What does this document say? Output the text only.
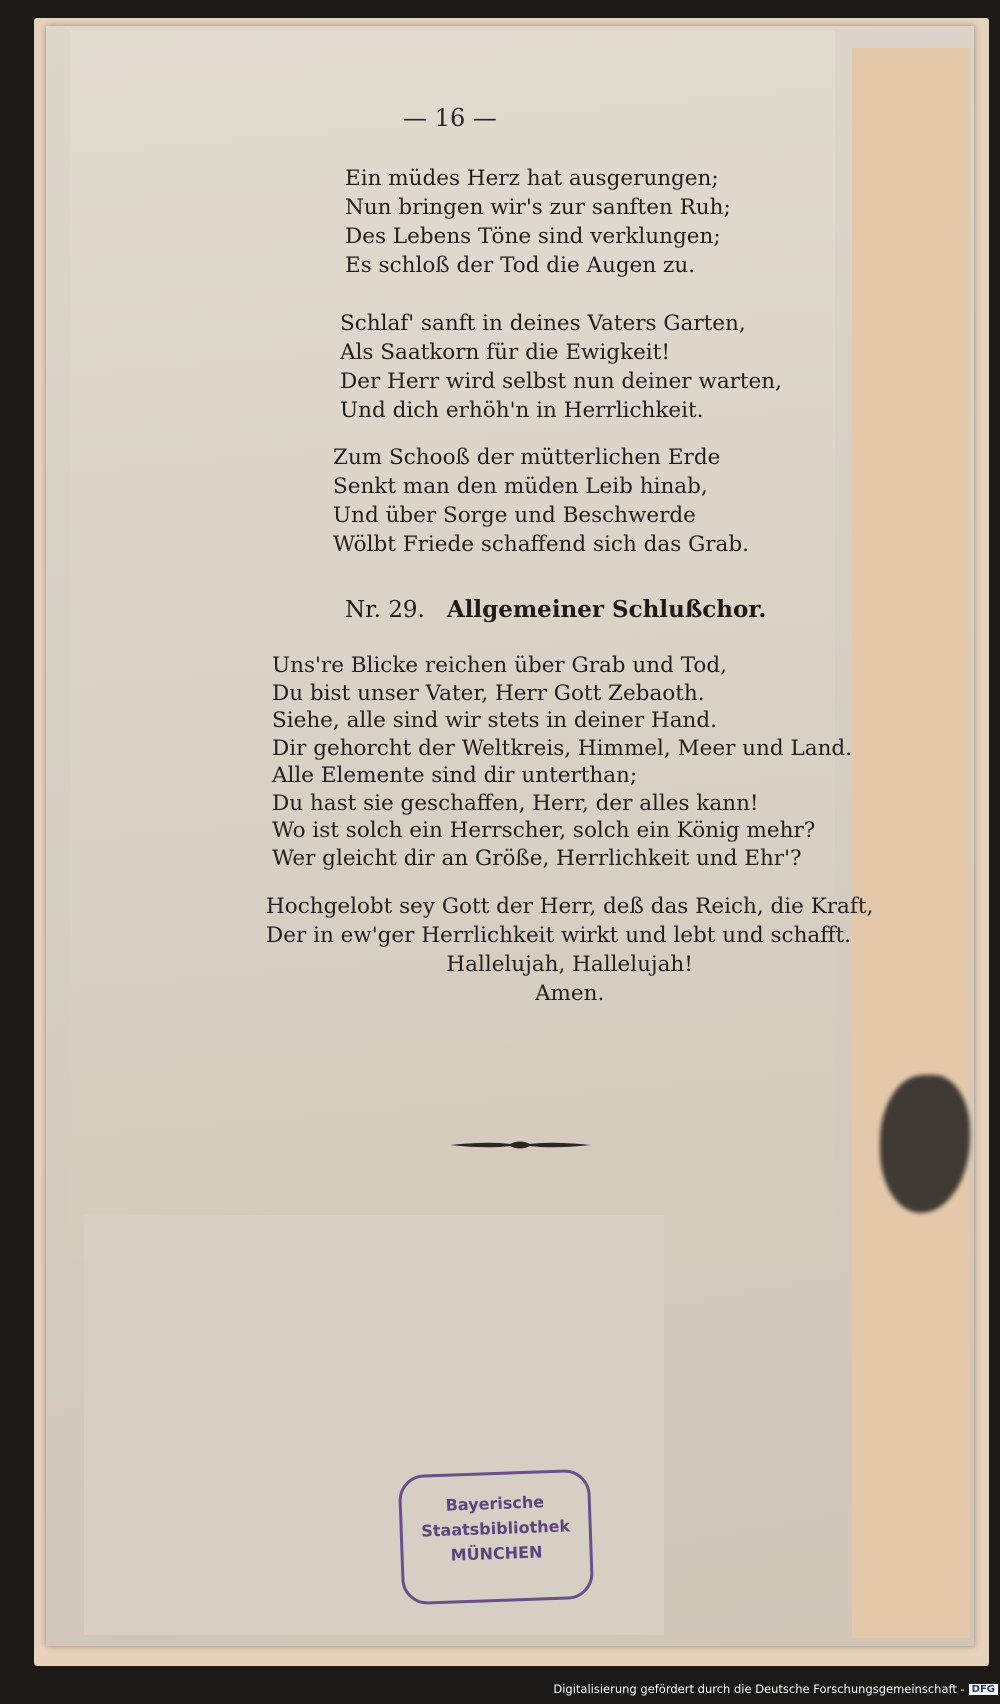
— 16 —
Ein müdes Herz hat ausgerungen;
Nun bringen wir's zur sanften Ruh;
Des Lebens Töne sind verklungen;
Es schloß der Tod die Augen zu.
Schlaf' sanft in deines Vaters Garten,
Als Saatkorn für die Ewigkeit!
Der Herr wird selbst nun deiner warten,
Und dich erhöh'n in Herrlichkeit.
Zum Schooß der mütterlichen Erde
Senkt man den müden Leib hinab,
Und über Sorge und Beschwerde
Wölbt Friede schaffend sich das Grab.
Nr. 29. Allgemeiner Schlußchor.
Uns're Blicke reichen über Grab und Tod,
Du bist unser Vater, Herr Gott Zebaoth.
Siehe, alle sind wir stets in deiner Hand.
Dir gehorcht der Weltkreis, Himmel, Meer und Land.
Alle Elemente sind dir unterthan;
Du hast sie geschaffen, Herr, der alles kann!
Wo ist solch ein Herrscher, solch ein König mehr?
Wer gleicht dir an Größe, Herrlichkeit und Ehr'?
Hochgelobt sey Gott der Herr, deß das Reich, die Kraft,
Der in ew'ger Herrlichkeit wirkt und lebt und schafft.
Hallelujah, Hallelujah!
Amen.
Bayerische
Staatsbibliothek
MÜNCHEN
Digitalisierung gefördert durch die Deutsche Forschungsgemeinschaft - DFG
